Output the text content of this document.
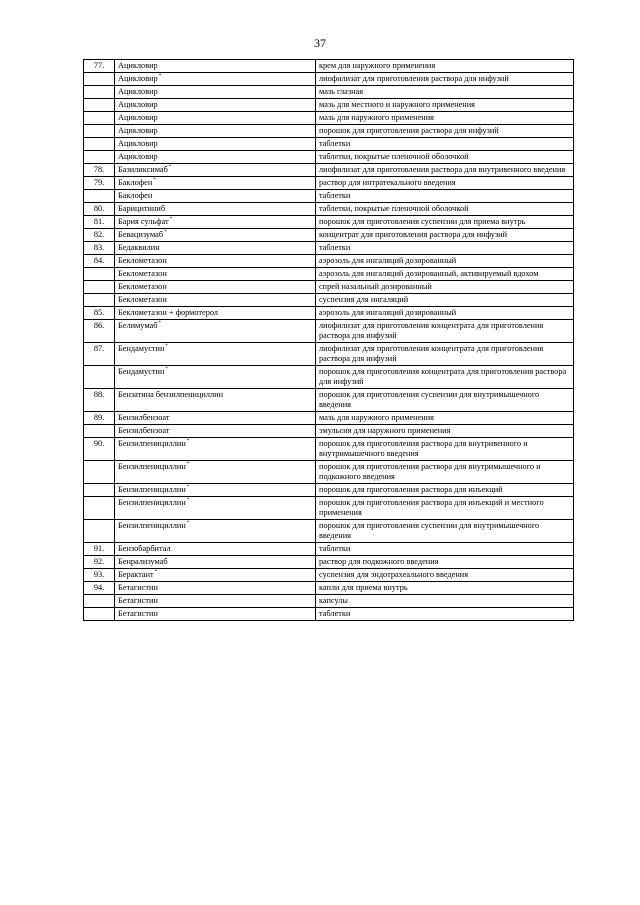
37
77.	Ацикловир	крем для наружного применения
	Ацикловир*	лиофилизат для приготовления раствора для инфузий
	Ацикловир	мазь глазная
	Ацикловир	мазь для местного и наружного применения
	Ацикловир	мазь для наружного применения
	Ацикловир	порошок для приготовления раствора для инфузий
	Ацикловир	таблетки
	Ацикловир	таблетки, покрытые пленочной оболочкой
78.	Базиликсимаб*	лиофилизат для приготовления раствора для внутривенного введения
79.	Баклофен*	раствор для интратекального введения
	Баклофен	таблетки
80.	Барицитиниб	таблетки, покрытые пленочной оболочкой
81.	Бария сульфат*	порошок для приготовления суспензии для приема внутрь
82.	Бевацизумаб*	концентрат для приготовления раствора для инфузий
83.	Бедаквилин	таблетки
84.	Беклометазон	аэрозоль для ингаляций дозированный
	Беклометазон	аэрозоль для ингаляций дозированный, активируемый вдохом
	Беклометазон	спрей назальный дозированный
	Беклометазон	суспензия для ингаляций
85.	Беклометазон + формотерол	аэрозоль для ингаляций дозированный
86.	Белимумаб*	лиофилизат для приготовления концентрата для приготовления раствора для инфузий
87.	Бендамустин*	лиофилизат для приготовления концентрата для приготовления раствора для инфузий
	Бендамустин*	порошок для приготовления концентрата для приготовления раствора для инфузий
88.	Бензатина бензилпенициллин	порошок для приготовления суспензии для внутримышечного введения
89.	Бензилбензоат	мазь для наружного применения
	Бензилбензоат	эмульсия для наружного применения
90.	Бензилпенициллин*	порошок для приготовления раствора для внутривенного и внутримышечного введения
	Бензилпенициллин*	порошок для приготовления раствора для внутримышечного и подкожного введения
	Бензилпенициллин*	порошок для приготовления раствора для инъекций
	Бензилпенициллин*	порошок для приготовления раствора для инъекций и местного применения
	Бензилпенициллин*	порошок для приготовления суспензии для внутримышечного введения
91.	Бензобарбитал	таблетки
92.	Бенрализумаб	раствор для подкожного введения
93.	Берактант*	суспензия для эндотрахеального введения
94.	Бетагистин	капли для приема внутрь
	Бетагистин	капсулы
	Бетагистин	таблетки
